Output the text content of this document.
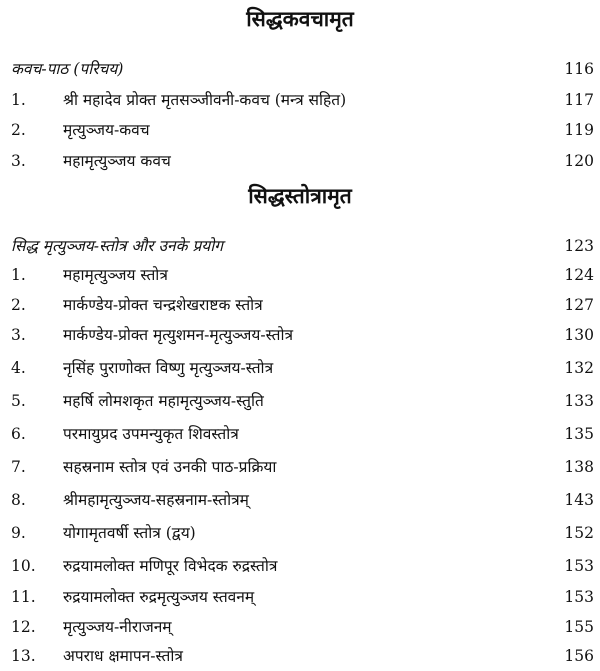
सिद्धकवचामृत
कवच-पाठ (परिचय)	116
1. श्री महादेव प्रोक्त मृतसञ्जीवनी-कवच (मन्त्र सहित)	117
2. मृत्युञ्जय-कवच	119
3. महामृत्युञ्जय कवच	120
सिद्धस्तोत्रामृत
सिद्ध मृत्युञ्जय-स्तोत्र और उनके प्रयोग	123
1. महामृत्युञ्जय स्तोत्र	124
2. मार्कण्डेय-प्रोक्त चन्द्रशेखराष्टक स्तोत्र	127
3. मार्कण्डेय-प्रोक्त मृत्युशमन-मृत्युञ्जय-स्तोत्र	130
4. नृसिंह पुराणोक्त विष्णु मृत्युञ्जय-स्तोत्र	132
5. महर्षि लोमशकृत महामृत्युञ्जय-स्तुति	133
6. परमायुप्रद उपमन्युकृत शिवस्तोत्र	135
7. सहस्रनाम स्तोत्र एवं उनकी पाठ-प्रक्रिया	138
8. श्रीमहामृत्युञ्जय-सहस्रनाम-स्तोत्रम्	143
9. योगामृतवर्षी स्तोत्र (द्वय)	152
10. रुद्रयामलोक्त मणिपूर विभेदक रुद्रस्तोत्र	153
11. रुद्रयामलोक्त रुद्रमृत्युञ्जय स्तवनम्	153
12. मृत्युञ्जय-नीराजनम्	155
13. अपराध क्षमापन-स्तोत्र	156
